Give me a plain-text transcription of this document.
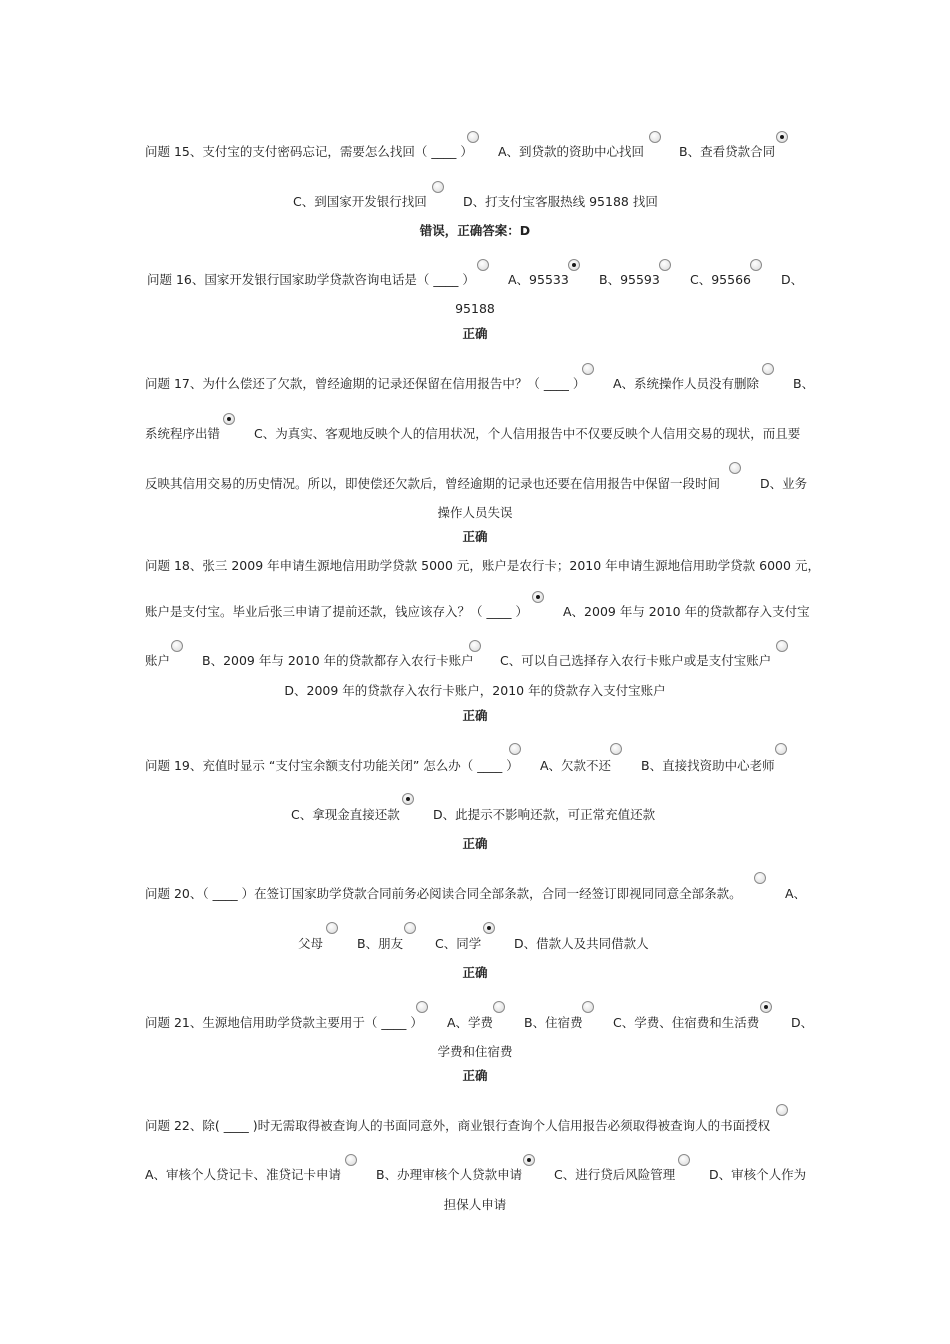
问题 15、支付宝的支付密码忘记，需要怎么找回（ ____ ） A、到贷款的资助中心找回	B、查看贷款合同
C、到国家开发银行找回	D、打支付宝客服热线 95188 找回
错误，正确答案：D
问题 16、国家开发银行国家助学贷款咨询电话是（ ____ ）	A、95533 B、95593 C、95566 D、
95188
正确
问题 17、为什么偿还了欠款，曾经逾期的记录还保留在信用报告中？（ ____ ） A、系统操作人员没有删除	B、
系统程序出错	C、为真实、客观地反映个人的信用状况，个人信用报告中不仅要反映个人信用交易的现状，而且要
反映其信用交易的历史情况。所以，即使偿还欠款后，曾经逾期的记录也还要在信用报告中保留一段时间	D、业务
操作人员失误
正确
问题 18、张三 2009 年申请生源地信用助学贷款 5000 元，账户是农行卡；2010 年申请生源地信用助学贷款 6000 元，
账户是支付宝。毕业后张三申请了提前还款，钱应该存入？（ ____ ）	A、2009 年与 2010 年的贷款都存入支付宝
账户	B、2009 年与 2010 年的贷款都存入农行卡账户 C、可以自己选择存入农行卡账户或是支付宝账户
D、2009 年的贷款存入农行卡账户，2010 年的贷款存入支付宝账户
正确
问题 19、充值时显示 “支付宝余额支付功能关闭” 怎么办（ ____ ） A、欠款不还 B、直接找资助中心老师
C、拿现金直接还款	D、此提示不影响还款，可正常充值还款
正确
问题 20、（ ____ ）在签订国家助学贷款合同前务必阅读合同全部条款，合同一经签订即视同同意全部条款。	A、
父母	B、朋友	C、同学	D、借款人及共同借款人
正确
问题 21、生源地信用助学贷款主要用于（ ____ ） A、学费 B、住宿费 C、学费、住宿费和生活费	D、
学费和住宿费
正确
问题 22、除( ____ )时无需取得被查询人的书面同意外，商业银行查询个人信用报告必须取得被查询人的书面授权
A、审核个人贷记卡、准贷记卡申请	B、办理审核个人贷款申请	C、进行贷后风险管理	D、审核个人作为
担保人申请
